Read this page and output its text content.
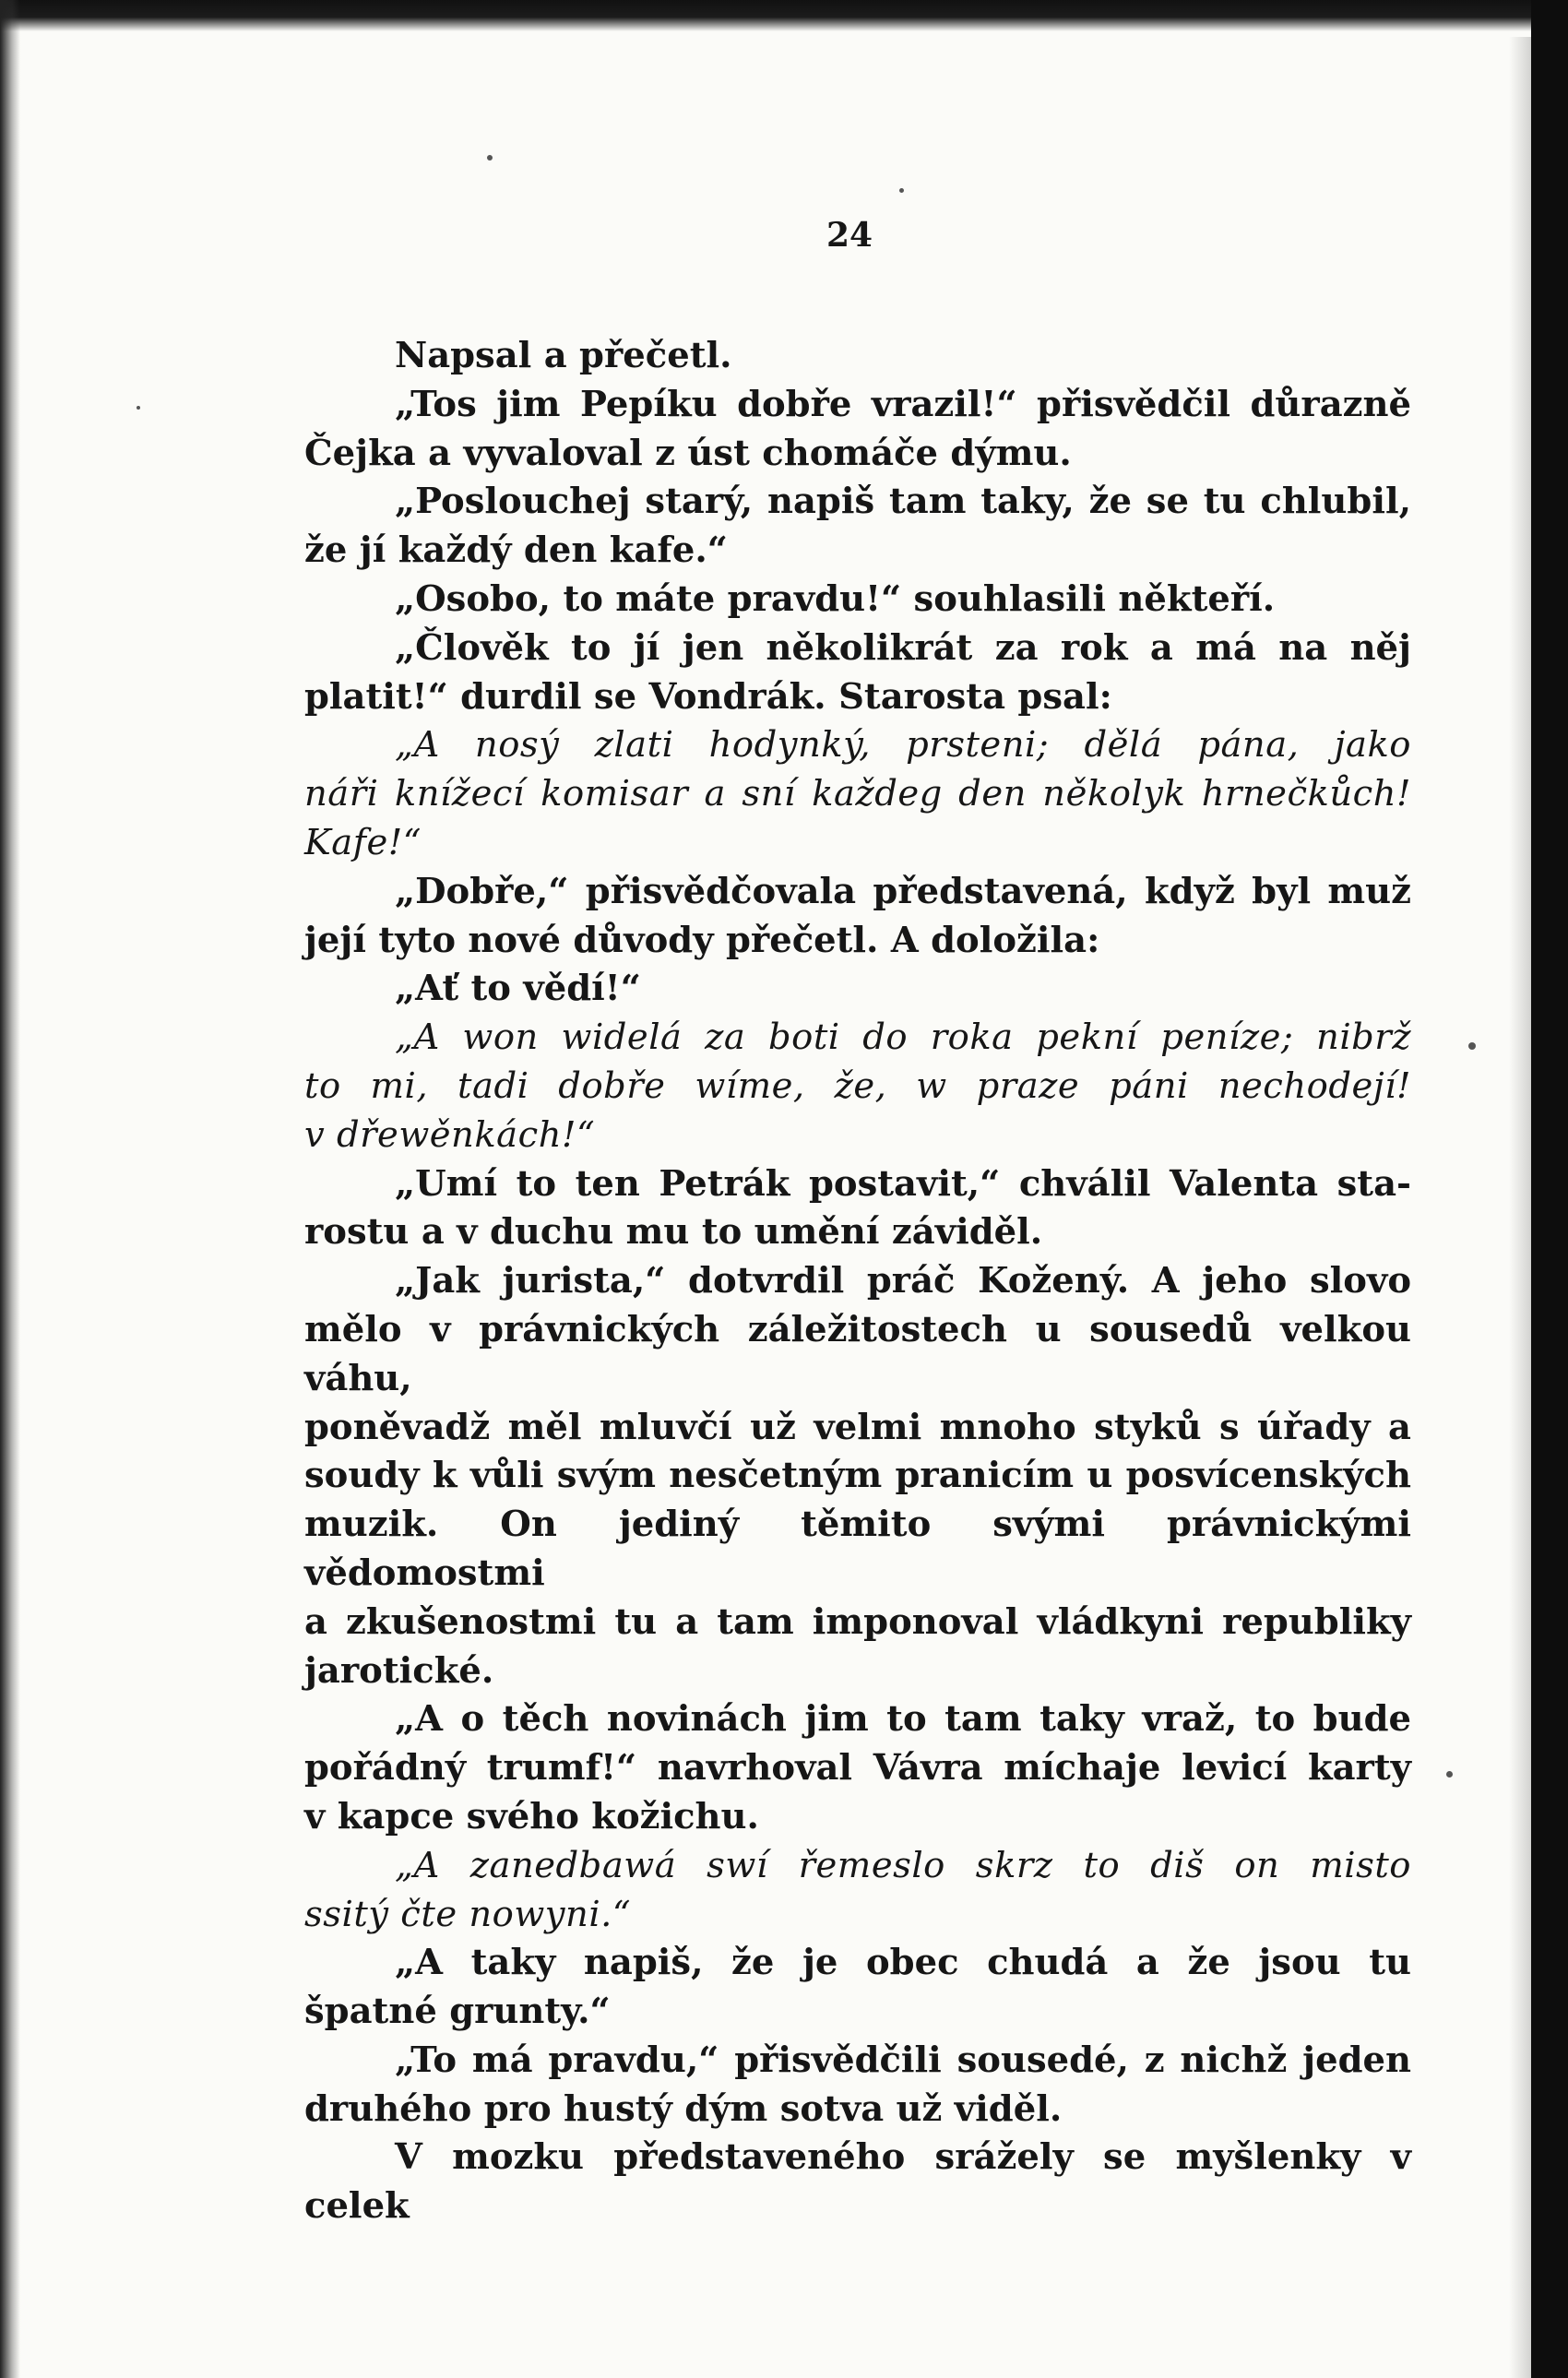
24
Napsal a přečetl.
„Tos jim Pepíku dobře vrazil!“ přisvědčil důrazně
Čejka a vyvaloval z úst chomáče dýmu.
„Poslouchej starý, napiš tam taky, že se tu chlubil,
že jí každý den kafe.“
„Osobo, to máte pravdu!“ souhlasili někteří.
„Člověk to jí jen několikrát za rok a má na něj
platit!“ durdil se Vondrák. Starosta psal:
„A nosý zlati hodynký, prsteni; dělá pána, jako
náři knížecí komisar a sní každeg den několyk hrnečkůch!
Kafe!“
„Dobře,“ přisvědčovala představená, když byl muž
její tyto nové důvody přečetl. A doložila:
„Ať to vědí!“
„A won widelá za boti do roka pekní peníze; nibrž
to mi, tadi dobře wíme, že, w praze páni nechodejí!
v dřewěnkách!“
„Umí to ten Petrák postavit,“ chválil Valenta sta-
rostu a v duchu mu to umění záviděl.
„Jak jurista,“ dotvrdil práč Kožený. A jeho slovo
mělo v právnických záležitostech u sousedů velkou váhu,
poněvadž měl mluvčí už velmi mnoho styků s úřady a
soudy k vůli svým nesčetným pranicím u posvícenských
muzik. On jediný těmito svými právnickými vědomostmi
a zkušenostmi tu a tam imponoval vládkyni republiky
jarotické.
„A o těch novinách jim to tam taky vraž, to bude
pořádný trumf!“ navrhoval Vávra míchaje levicí karty
v kapce svého kožichu.
„A zanedbawá swí řemeslo skrz to diš on misto
ssitý čte nowyni.“
„A taky napiš, že je obec chudá a že jsou tu
špatné grunty.“
„To má pravdu,“ přisvědčili sousedé, z nichž jeden
druhého pro hustý dým sotva už viděl.
V mozku představeného srážely se myšlenky v celek
